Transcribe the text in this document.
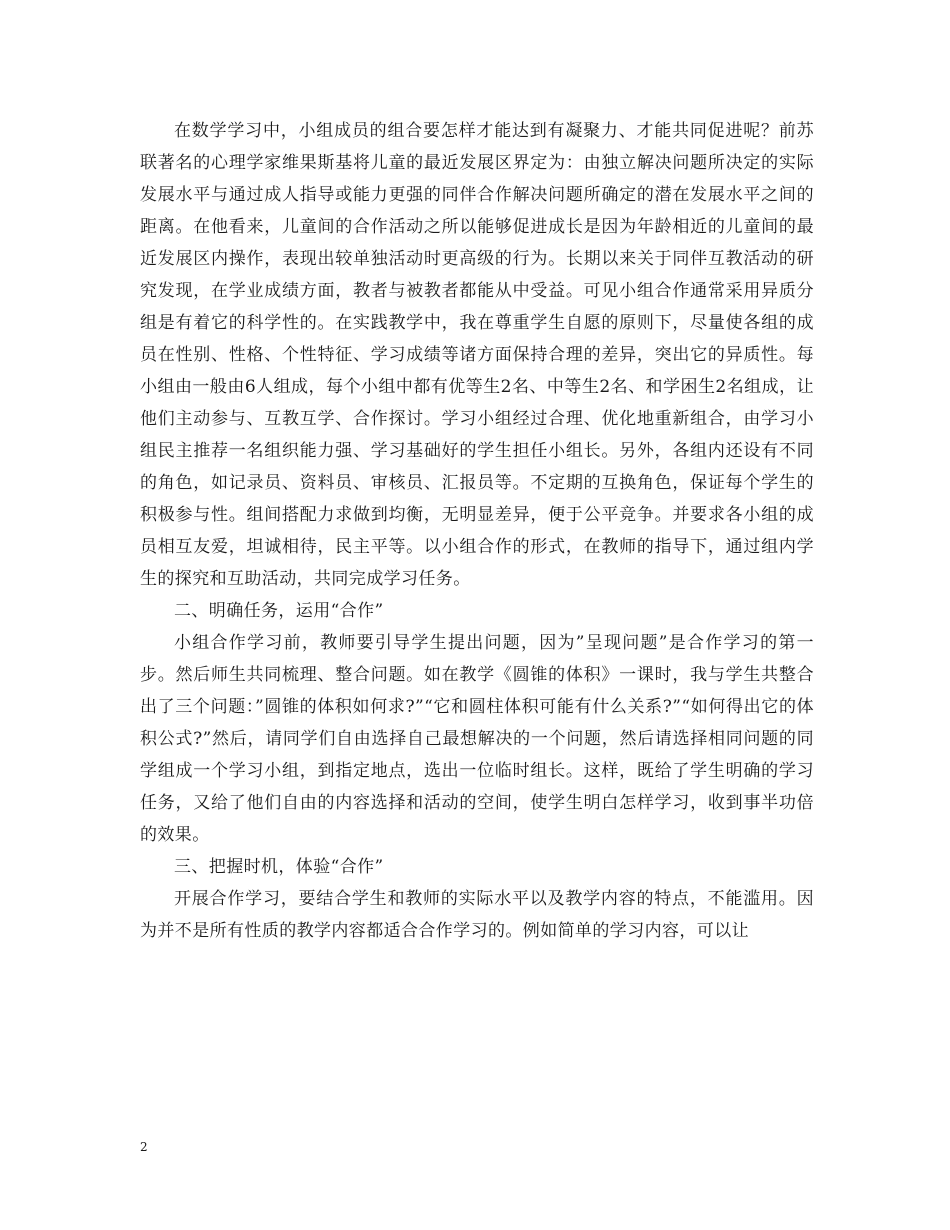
在数学学习中，小组成员的组合要怎样才能达到有凝聚力、才能共同促进呢？前苏联著名的心理学家维果斯基将儿童的最近发展区界定为：由独立解决问题所决定的实际发展水平与通过成人指导或能力更强的同伴合作解决问题所确定的潜在发展水平之间的距离。在他看来，儿童间的合作活动之所以能够促进成长是因为年龄相近的儿童间的最近发展区内操作，表现出较单独活动时更高级的行为。长期以来关于同伴互教活动的研究发现，在学业成绩方面，教者与被教者都能从中受益。可见小组合作通常采用异质分组是有着它的科学性的。在实践教学中，我在尊重学生自愿的原则下，尽量使各组的成员在性别、性格、个性特征、学习成绩等诸方面保持合理的差异，突出它的异质性。每小组由一般由6人组成，每个小组中都有优等生2名、中等生2名、和学困生2名组成，让他们主动参与、互教互学、合作探讨。学习小组经过合理、优化地重新组合，由学习小组民主推荐一名组织能力强、学习基础好的学生担任小组长。另外，各组内还设有不同的角色，如记录员、资料员、审核员、汇报员等。不定期的互换角色，保证每个学生的积极参与性。组间搭配力求做到均衡，无明显差异，便于公平竞争。并要求各小组的成员相互友爱，坦诚相待，民主平等。以小组合作的形式，在教师的指导下，通过组内学生的探究和互助活动，共同完成学习任务。

二、明确任务，运用“合作”

小组合作学习前，教师要引导学生提出问题，因为”呈现问题”是合作学习的第一步。然后师生共同梳理、整合问题。如在教学《圆锥的体积》一课时，我与学生共整合出了三个问题：”圆锥的体积如何求?”“它和圆柱体积可能有什么关系?”“如何得出它的体积公式?”然后，请同学们自由选择自己最想解决的一个问题，然后请选择相同问题的同学组成一个学习小组，到指定地点，选出一位临时组长。这样，既给了学生明确的学习任务，又给了他们自由的内容选择和活动的空间，使学生明白怎样学习，收到事半功倍的效果。

三、把握时机，体验“合作”

开展合作学习，要结合学生和教师的实际水平以及教学内容的特点，不能滥用。因为并不是所有性质的教学内容都适合合作学习的。例如简单的学习内容，可以让

2
